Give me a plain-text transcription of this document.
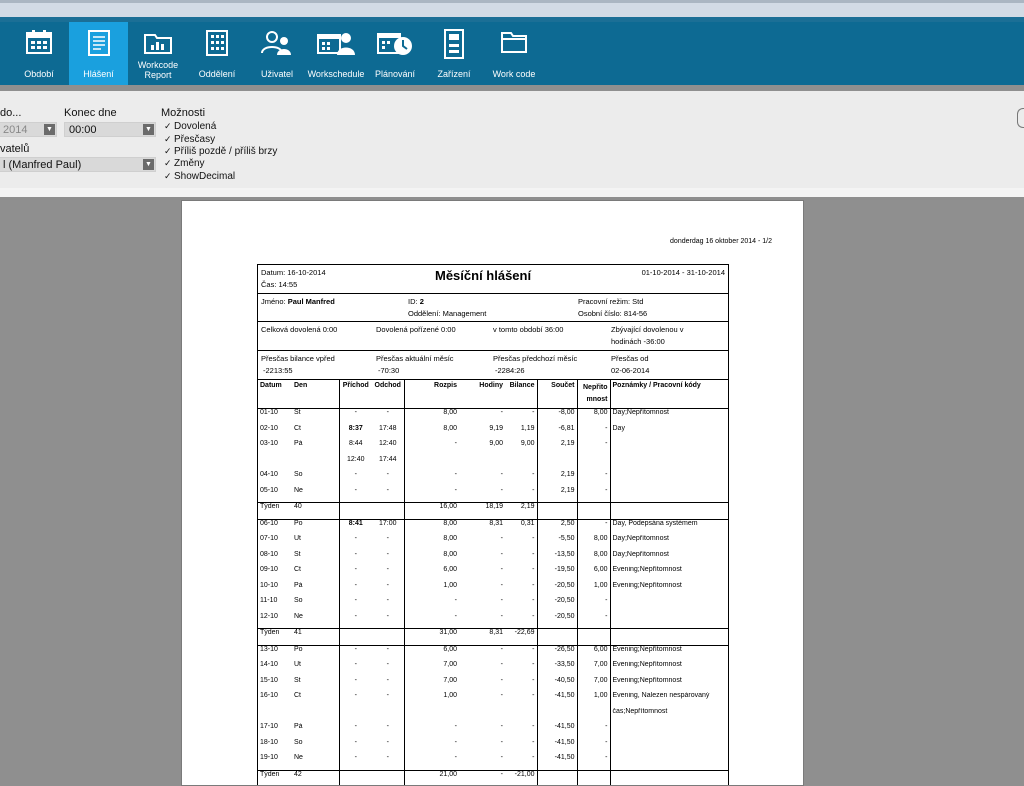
Období	Hlášení
Workcode
Report	Oddělení	Uživatel	Workschedule	Plánování	Zařízení	Work code
do...
2014	▼
Konec dne
00:00	▼
vatelů
l (Manfred Paul)	▼
Možnosti
✓ Dovolená
✓ Přesčasy
✓ Příliš pozdě / příliš brzy
✓ Změny
✓ ShowDecimal
donderdag 16 oktober 2014 - 1/2
Datum: 16-10-2014
Čas: 14:55
Měsíční hlášení	01-10-2014 - 31-10-2014
Jméno: Paul Manfred	ID: 2
Oddělení: Management
Pracovní režim: Std
Osobní číslo: 814-56
Celková dovolená 0:00	Dovolená pořízené 0:00	v tomto období 36:00	Zbývající dovolenou v
hodinách -36:00
Přesčas bilance vpřed
-2213:55
Přesčas aktuální měsíc
-70:30
Přesčas předchozí měsíc
-2284:26
Přesčas od
02-06-2014
Datum	Den	Příchod	Odchod	Rozpis	Hodiny	Bilance	Součet	Nepřito mnost	Poznámky / Pracovní kódy
01-10	St	-	-	8,00	-	-	-8,00	8,00	Day;Nepřítomnost
02-10	Čt	8:37	17:48	8,00	9,19	1,19	-6,81	-	Day
03-10	Pá	8:44	12:40	-	9,00	9,00	2,19	-	
		12:40	17:44						
04-10	So	-	-	-	-	-	2,19	-	
05-10	Ne	-	-	-	-	-	2,19	-	
Týden	40			16,00	18,19	2,19			
06-10	Po	8:41	17:00	8,00	8,31	0,31	2,50	-	Day, Podepsána systémem
07-10	Út	-	-	8,00	-	-	-5,50	8,00	Day;Nepřítomnost
08-10	St	-	-	8,00	-	-	-13,50	8,00	Day;Nepřítomnost
09-10	Čt	-	-	6,00	-	-	-19,50	6,00	Evening;Nepřítomnost
10-10	Pá	-	-	1,00	-	-	-20,50	1,00	Evening;Nepřítomnost
11-10	So	-	-	-	-	-	-20,50	-	
12-10	Ne	-	-	-	-	-	-20,50	-	
Týden	41			31,00	8,31	-22,69			
13-10	Po	-	-	6,00	-	-	-26,50	6,00	Evening;Nepřítomnost
14-10	Út	-	-	7,00	-	-	-33,50	7,00	Evening;Nepřítomnost
15-10	St	-	-	7,00	-	-	-40,50	7,00	Evening;Nepřítomnost
16-10	Čt	-	-	1,00	-	-	-41,50	1,00	Evening, Nalezen nespárovaný
									čas;Nepřítomnost
17-10	Pá	-	-	-	-	-	-41,50	-	
18-10	So	-	-	-	-	-	-41,50	-	
19-10	Ne	-	-	-	-	-	-41,50	-	
Týden	42			21,00	-	-21,00			
